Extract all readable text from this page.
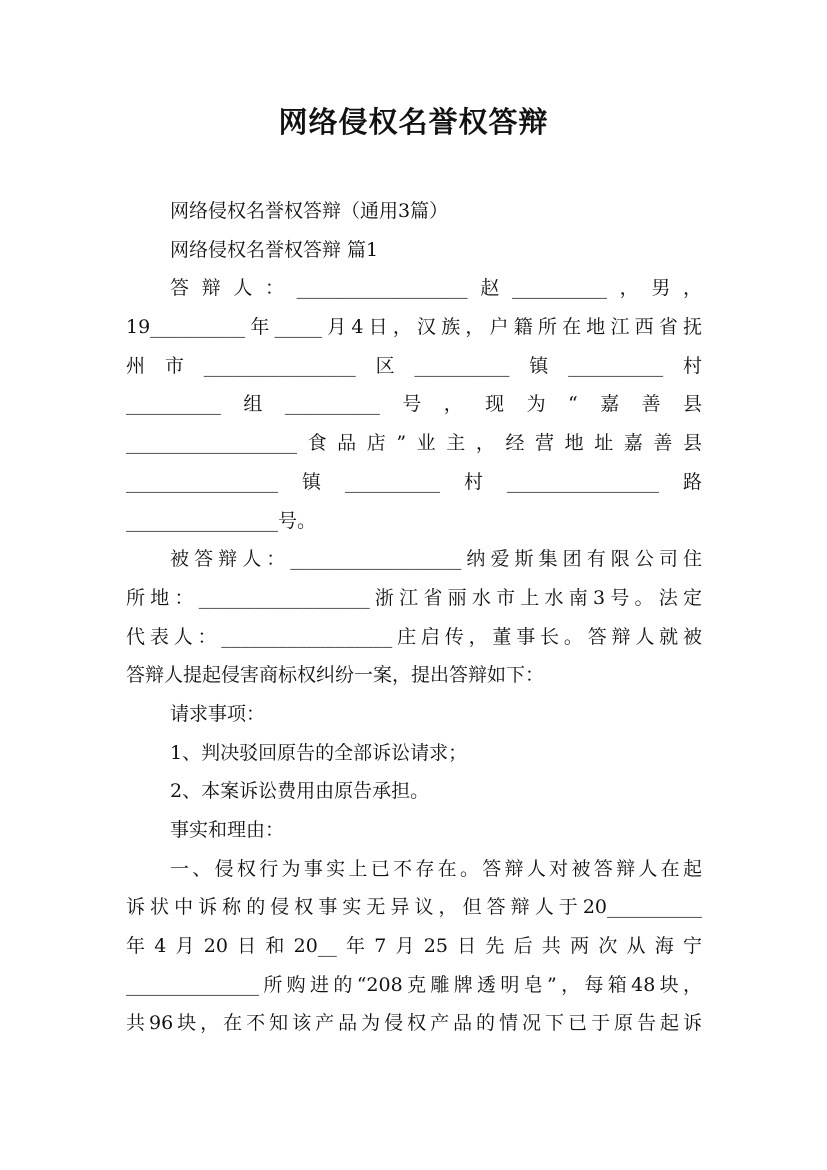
网络侵权名誉权答辩
网络侵权名誉权答辩（通用3篇）
网络侵权名誉权答辩 篇1
答辩人：__________________赵__________，男，
19__________年_____月4日，汉族，户籍所在地江西省抚
州市________________区__________镇__________村
__________组__________号，现为“嘉善县
__________________食品店”业主，经营地址嘉善县
________________镇__________村________________路
________________号。
被答辩人：__________________纳爱斯集团有限公司住
所地：__________________浙江省丽水市上水南3号。法定
代表人：__________________庄启传，董事长。答辩人就被
答辩人提起侵害商标权纠纷一案，提出答辩如下：
请求事项：
1、判决驳回原告的全部诉讼请求；
2、本案诉讼费用由原告承担。
事实和理由：
一、侵权行为事实上已不存在。答辩人对被答辩人在起
诉状中诉称的侵权事实无异议，但答辩人于20__________
年4月20日和20__年7月25日先后共两次从海宁
______________所购进的“208克雕牌透明皂”，每箱48块，
共96块，在不知该产品为侵权产品的情况下已于原告起诉
